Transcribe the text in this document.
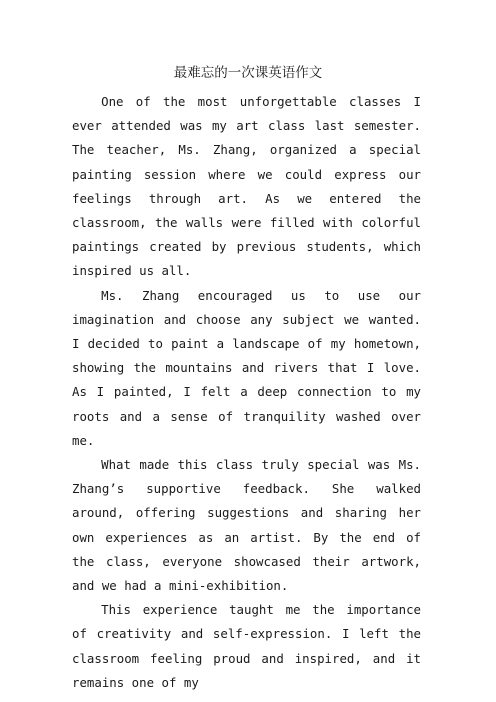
最难忘的一次课英语作文

One of the most unforgettable classes I ever attended was my art class last semester. The teacher, Ms. Zhang, organized a special painting session where we could express our feelings through art. As we entered the classroom, the walls were filled with colorful paintings created by previous students, which inspired us all.

Ms. Zhang encouraged us to use our imagination and choose any subject we wanted. I decided to paint a landscape of my hometown, showing the mountains and rivers that I love. As I painted, I felt a deep connection to my roots and a sense of tranquility washed over me.

What made this class truly special was Ms. Zhang’s supportive feedback. She walked around, offering suggestions and sharing her own experiences as an artist. By the end of the class, everyone showcased their artwork, and we had a mini-exhibition.

This experience taught me the importance of creativity and self-expression. I left the classroom feeling proud and inspired, and it remains one of my
